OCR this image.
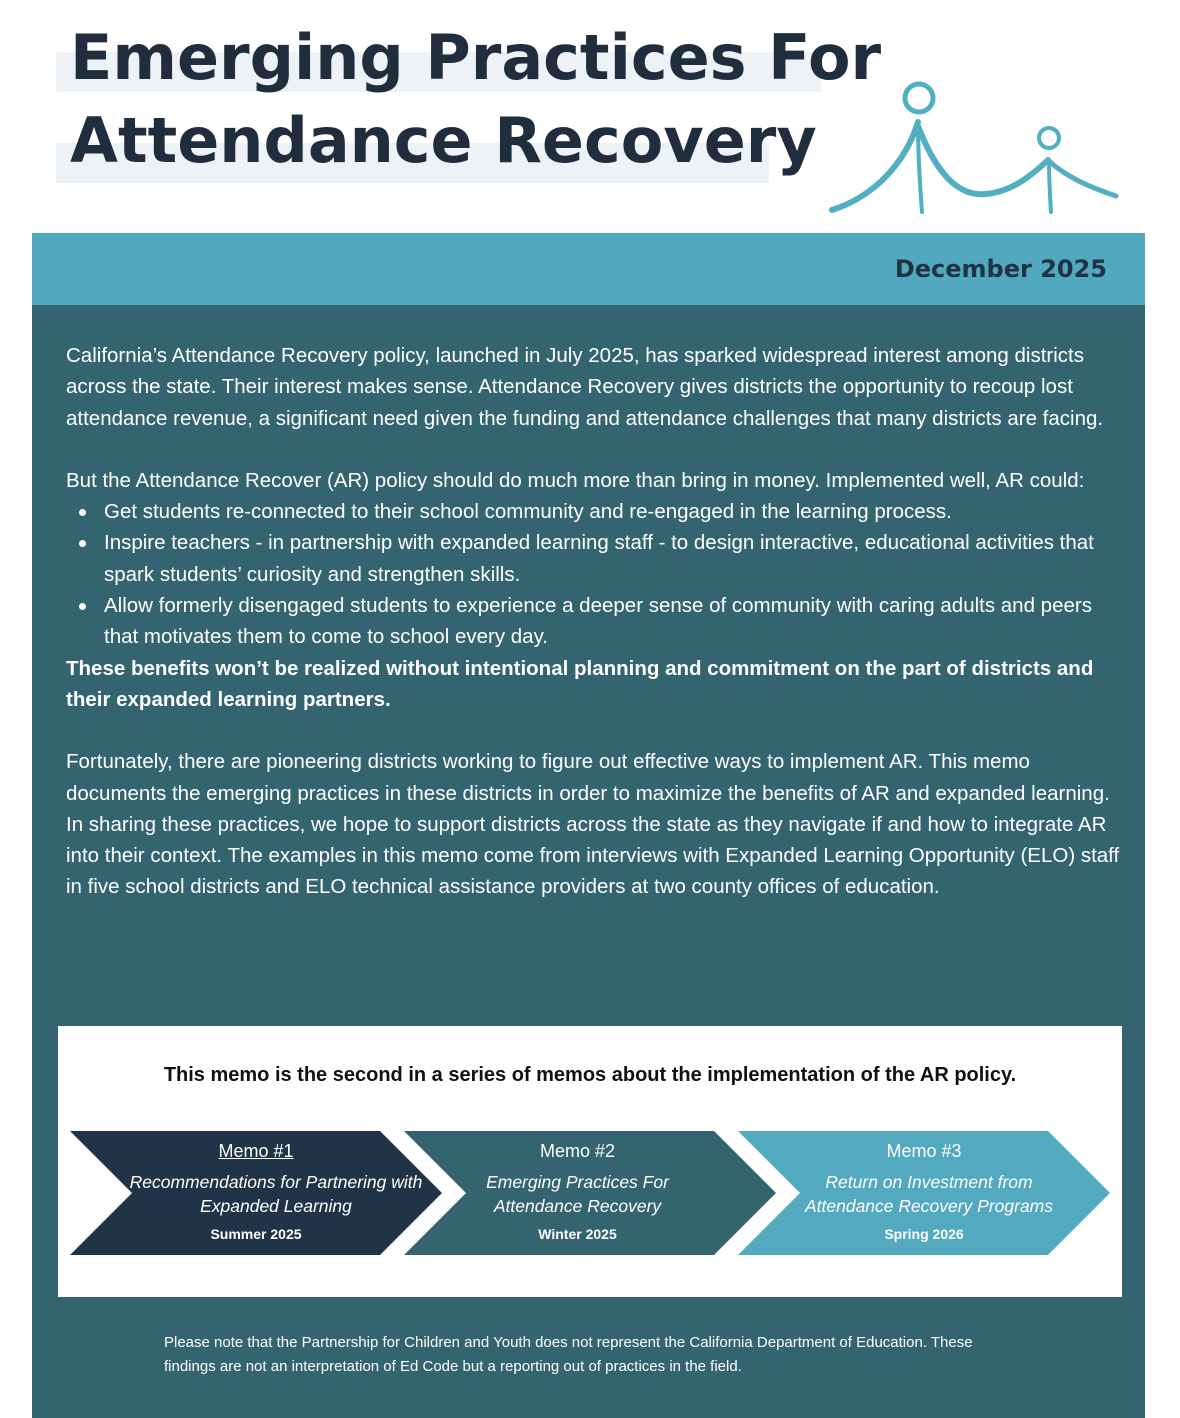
Emerging Practices For
Attendance Recovery
December 2025

California’s Attendance Recovery policy, launched in July 2025, has sparked widespread interest among districts across the state. Their interest makes sense. Attendance Recovery gives districts the opportunity to recoup lost attendance revenue, a significant need given the funding and attendance challenges that many districts are facing.

But the Attendance Recover (AR) policy should do much more than bring in money. Implemented well, AR could:
Get students re-connected to their school community and re-engaged in the learning process.
Inspire teachers - in partnership with expanded learning staff - to design interactive, educational activities that spark students’ curiosity and strengthen skills.
Allow formerly disengaged students to experience a deeper sense of community with caring adults and peers that motivates them to come to school every day.

These benefits won’t be realized without intentional planning and commitment on the part of districts and their expanded learning partners.

Fortunately, there are pioneering districts working to figure out effective ways to implement AR. This memo documents the emerging practices in these districts in order to maximize the benefits of AR and expanded learning. In sharing these practices, we hope to support districts across the state as they navigate if and how to integrate AR into their context. The examples in this memo come from interviews with Expanded Learning Opportunity (ELO) staff in five school districts and ELO technical assistance providers at two county offices of education.

This memo is the second in a series of memos about the implementation of the AR policy.
Memo #1
Recommendations for Partnering with Expanded Learning
Summer 2025
Memo #2
Emerging Practices For Attendance Recovery
Winter 2025
Memo #3
Return on Investment from Attendance Recovery Programs
Spring 2026
Please note that the Partnership for Children and Youth does not represent the California Department of Education. These findings are not an interpretation of Ed Code but a reporting out of practices in the field.
